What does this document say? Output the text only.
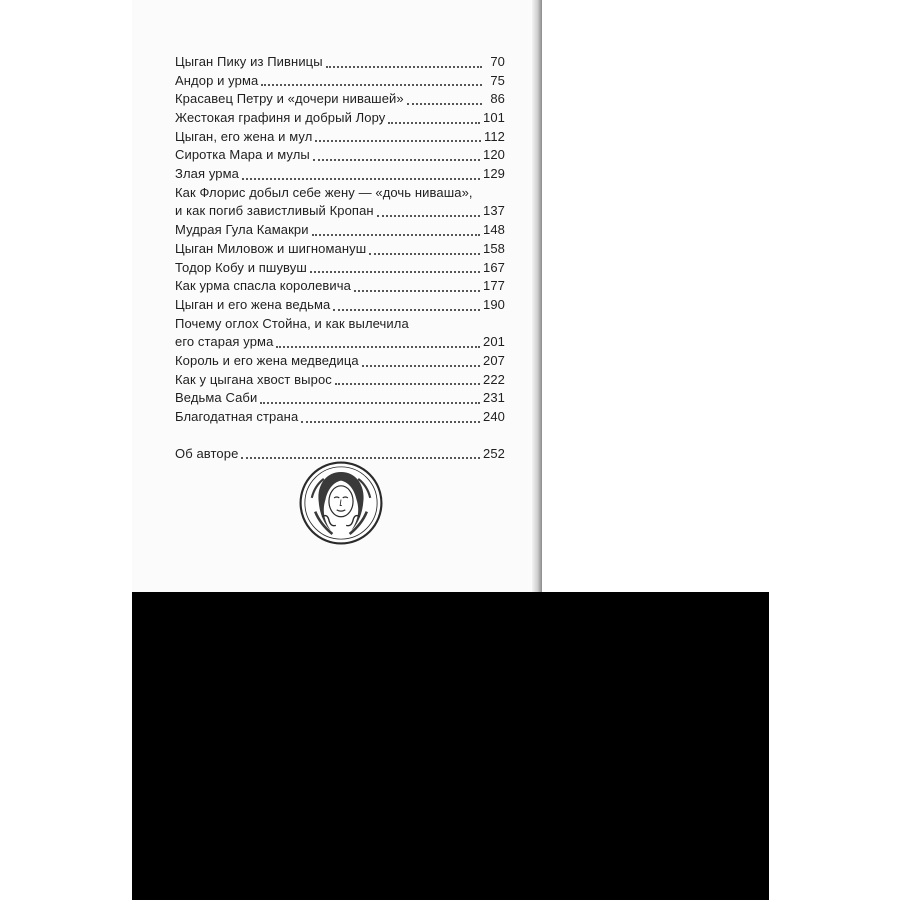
Цыган Пику из Пивницы	70
Андор и урма	75
Красавец Петру и «дочери нивашей»	86
Жестокая графиня и добрый Лору	101
Цыган, его жена и мул	112
Сиротка Мара и мулы	120
Злая урма	129
Как Флорис добыл себе жену — «дочь ниваша»,
и как погиб завистливый Кропан	137
Мудрая Гула Камакри	148
Цыган Миловож и шигномануш	158
Тодор Кобу и пшувуш	167
Как урма спасла королевича	177
Цыган и его жена ведьма	190
Почему оглох Стойна, и как вылечила
его старая урма	201
Король и его жена медведица	207
Как у цыгана хвост вырос	222
Ведьма Саби	231
Благодатная страна	240
Об авторе	252
